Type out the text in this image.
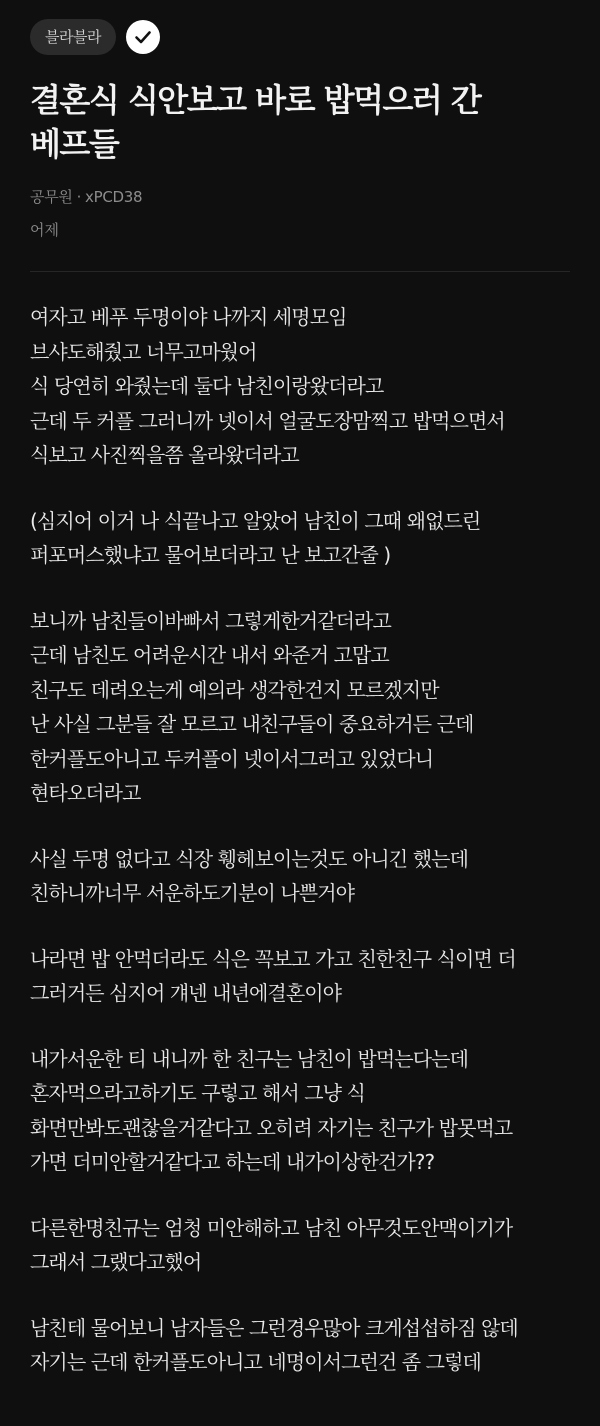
블라블라
결혼식 식안보고 바로 밥먹으러 간
베프들
공무원 · xPCD38
어제
여자고 베푸 두명이야 나까지 세명모임
브샤도해줬고 너무고마웠어
식 당연히 와줬는데 둘다 남친이랑왔더라고
근데 두 커플 그러니까 넷이서 얼굴도장맘찍고 밥먹으면서
식보고 사진찍을쯤 올라왔더라고
(심지어 이거 나 식끝나고 알았어 남친이 그때 왜없드린
퍼포머스했냐고 물어보더라고 난 보고간줄 )
보니까 남친들이바빠서 그렇게한거같더라고
근데 남친도 어려운시간 내서 와준거 고맙고
친구도 데려오는게 예의라 생각한건지 모르겠지만
난 사실 그분들 잘 모르고 내친구들이 중요하거든 근데
한커플도아니고 두커플이 넷이서그러고 있었다니
현타오더라고
사실 두명 없다고 식장 휑헤보이는것도 아니긴 했는데
친하니까너무 서운하도기분이 나쁜거야
나라면 밥 안먹더라도 식은 꼭보고 가고 친한친구 식이면 더
그러거든 심지어 걔넨 내년에결혼이야
내가서운한 티 내니까 한 친구는 남친이 밥먹는다는데
혼자먹으라고하기도 구렇고 해서 그냥 식
화면만봐도괜찮을거같다고 오히려 자기는 친구가 밥못먹고
가면 더미안할거같다고 하는데 내가이상한건가??
다른한명친규는 엄청 미안해하고 남친 아무것도안맥이기가
그래서 그랬다고했어
남친테 물어보니 남자들은 그런경우많아 크게섭섭하짐 않데
자기는 근데 한커플도아니고 네명이서그런건 좀 그렇데
